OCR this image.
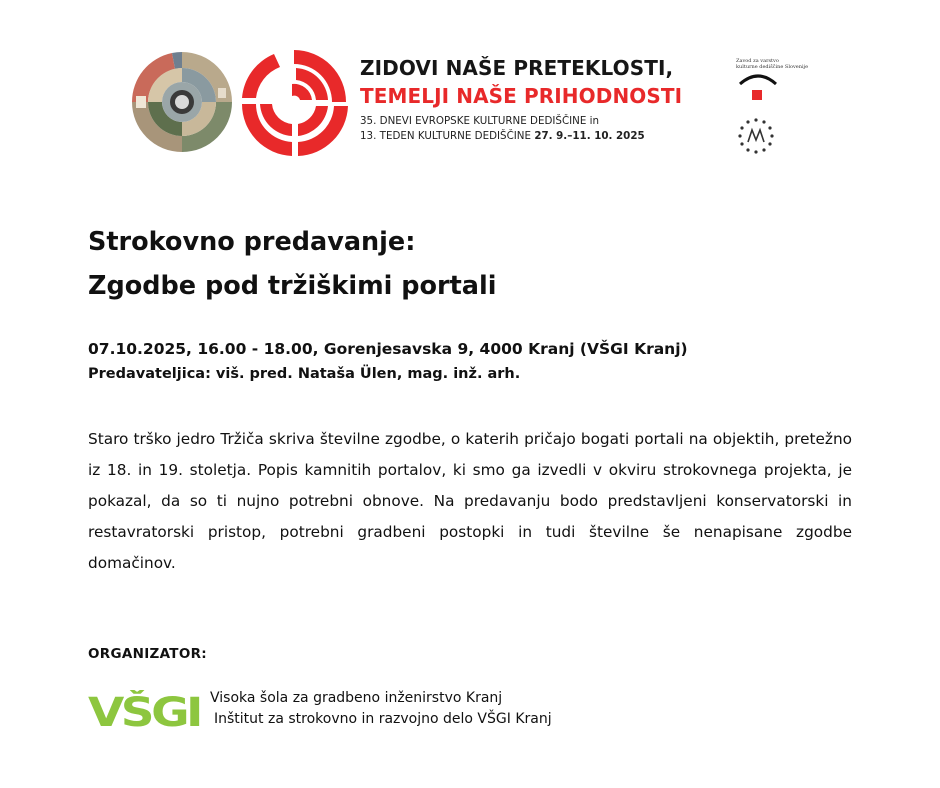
ZIDOVI NAŠE PRETEKLOSTI,
TEMELJI NAŠE PRIHODNOSTI
35. DNEVI EVROPSKE KULTURNE DEDIŠČINE in
13. TEDEN KULTURNE DEDIŠČINE 27. 9.–11. 10. 2025
Zavod za varstvo
kulturne dediščine Slovenije
Strokovno predavanje:
Zgodbe pod tržiškimi portali
07.10.2025, 16.00 - 18.00, Gorenjesavska 9, 4000 Kranj (VŠGI Kranj)
Predavateljica: viš. pred. Nataša Ülen, mag. inž. arh.
Staro trško jedro Tržiča skriva številne zgodbe, o katerih pričajo bogati portali na objektih, pretežno iz 18. in 19. stoletja. Popis kamnitih portalov, ki smo ga izvedli v okviru strokovnega projekta, je pokazal, da so ti nujno potrebni obnove. Na predavanju bodo predstavljeni konservatorski in restavratorski pristop, potrebni gradbeni postopki in tudi številne še nenapisane zgodbe domačinov.
ORGANIZATOR:
VŠGI	Visoka šola za gradbeno inženirstvo Kranj
Inštitut za strokovno in razvojno delo VŠGI Kranj
